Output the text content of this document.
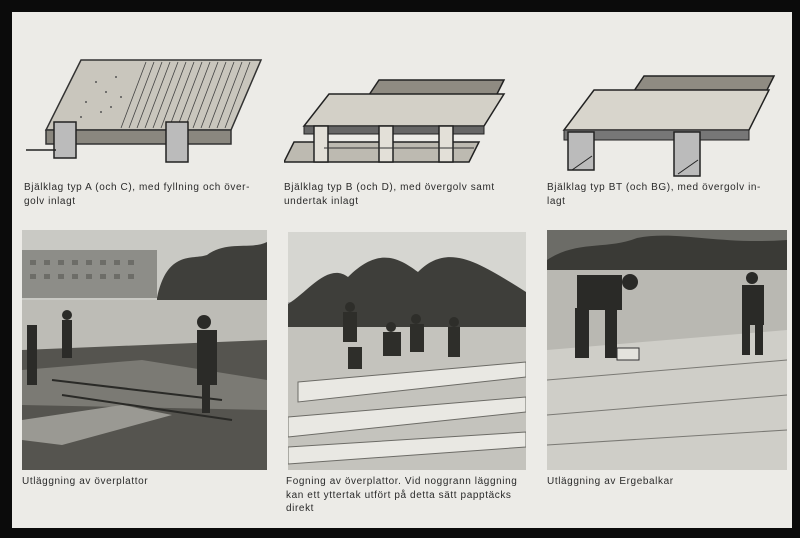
Bjälklag typ A (och C), med fyllning och över-
golv inlagt
Bjälklag typ B (och D), med övergolv samt
undertak inlagt
Bjälklag typ BT (och BG), med övergolv in-
lagt
Utläggning av överplattor	Fogning av överplattor. Vid noggrann läggning
kan ett yttertak utfört på detta sätt papptäcks
direkt
Utläggning av Ergebalkar
